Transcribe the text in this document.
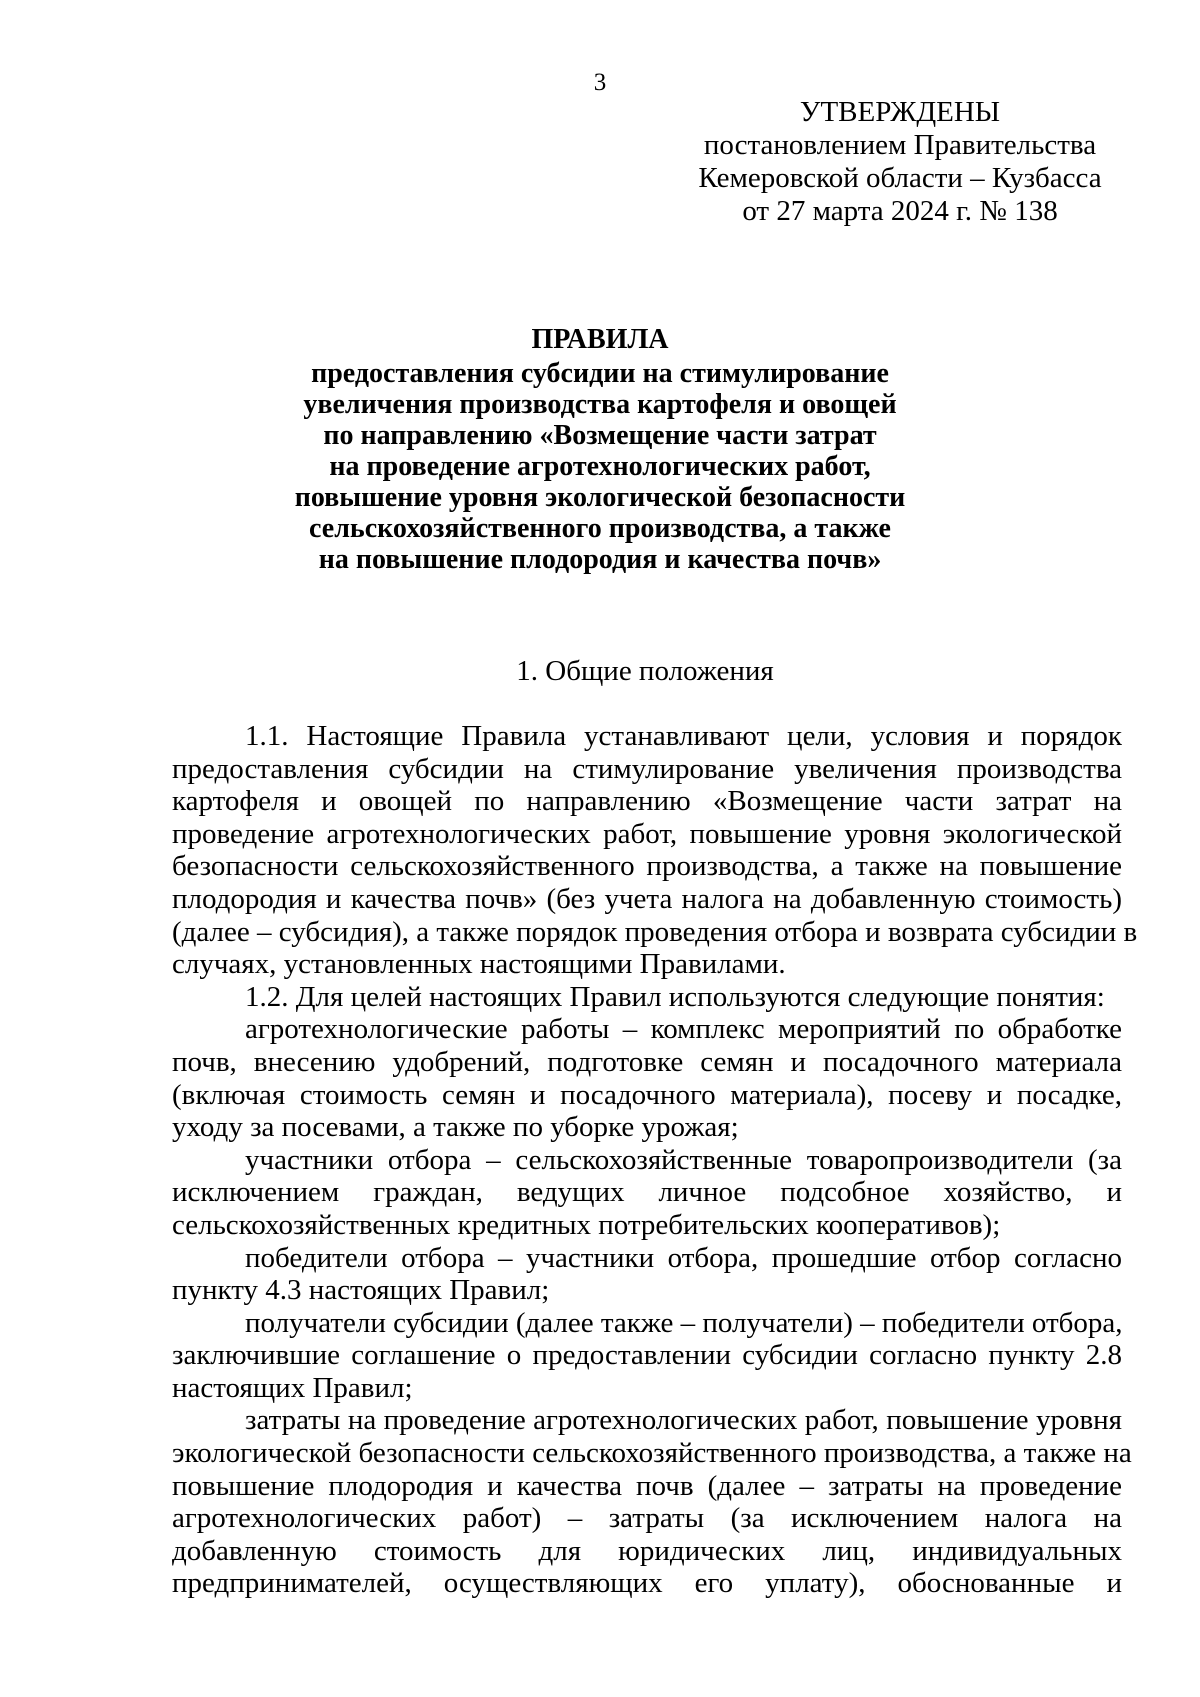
3
УТВЕРЖДЕНЫ
постановлением Правительства
Кемеровской области – Кузбасса
от 27 марта 2024 г. № 138
ПРАВИЛА
предоставления субсидии на стимулирование
увеличения производства картофеля и овощей
по направлению «Возмещение части затрат
на проведение агротехнологических работ,
повышение уровня экологической безопасности
сельскохозяйственного производства, а также
на повышение плодородия и качества почв»
1. Общие положения
1.1. Настоящие Правила устанавливают цели, условия и порядок
предоставления субсидии на стимулирование увеличения производства
картофеля и овощей по направлению «Возмещение части затрат на
проведение агротехнологических работ, повышение уровня экологической
безопасности сельскохозяйственного производства, а также на повышение
плодородия и качества почв» (без учета налога на добавленную стоимость)
(далее – субсидия), а также порядок проведения отбора и возврата субсидии в
случаях, установленных настоящими Правилами.
1.2. Для целей настоящих Правил используются следующие понятия:
агротехнологические работы – комплекс мероприятий по обработке
почв, внесению удобрений, подготовке семян и посадочного материала
(включая стоимость семян и посадочного материала), посеву и посадке,
уходу за посевами, а также по уборке урожая;
участники отбора – сельскохозяйственные товаропроизводители (за
исключением граждан, ведущих личное подсобное хозяйство, и
сельскохозяйственных кредитных потребительских кооперативов);
победители отбора – участники отбора, прошедшие отбор согласно
пункту 4.3 настоящих Правил;
получатели субсидии (далее также – получатели) – победители отбора,
заключившие соглашение о предоставлении субсидии согласно пункту 2.8
настоящих Правил;
затраты на проведение агротехнологических работ, повышение уровня
экологической безопасности сельскохозяйственного производства, а также на
повышение плодородия и качества почв (далее – затраты на проведение
агротехнологических работ) – затраты (за исключением налога на
добавленную стоимость для юридических лиц, индивидуальных
предпринимателей, осуществляющих его уплату), обоснованные и
